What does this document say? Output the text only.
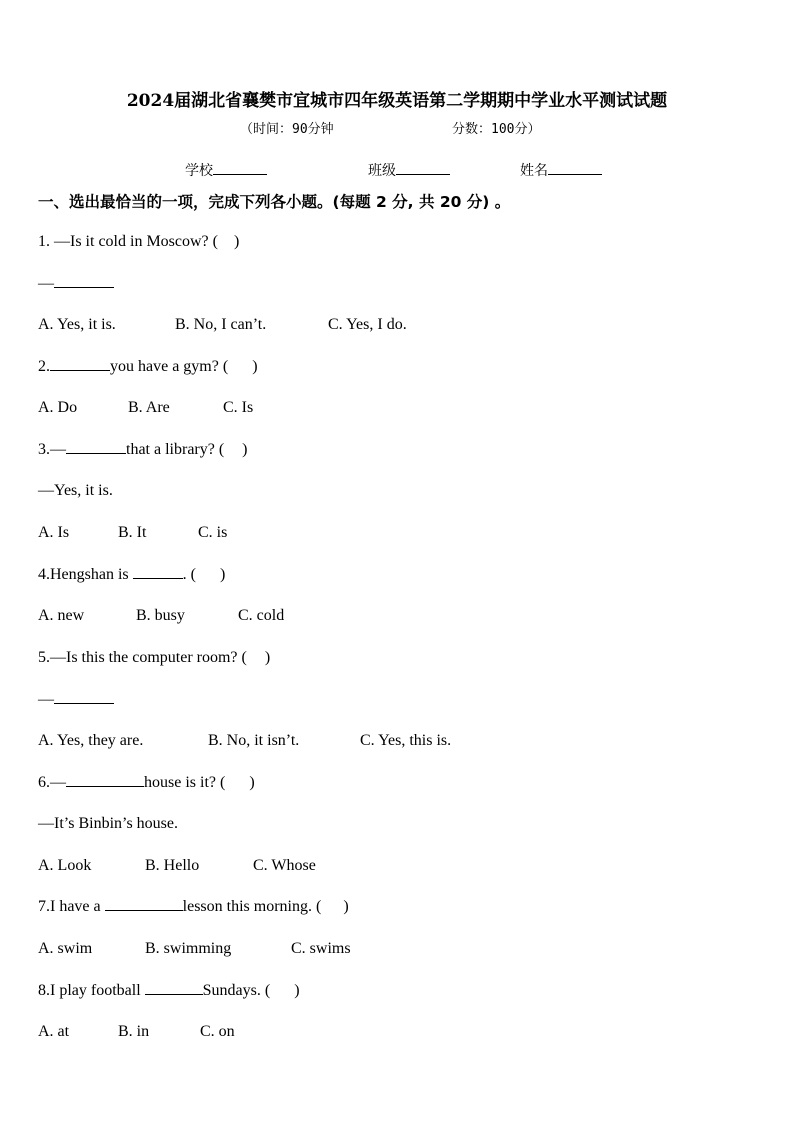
2024届湖北省襄樊市宜城市四年级英语第二学期期中学业水平测试试题
（时间：90分钟	分数：100分）
学校	班级	姓名
一、选出最恰当的一项，完成下列各小题。(每题 2 分, 共 20 分) 。
1. —Is it cold in Moscow? ( )
—
A. Yes, it is.	B. No, I can’t.	C. Yes, I do.
2.	you have a gym? ( )
A. Do	B. Are	C. Is
3.—	that a library? ( )
—Yes, it is.
A. Is	B. It	C. is
4.Hengshan is	. ( )
A. new	B. busy	C. cold
5.—Is this the computer room? ( )
—
A. Yes, they are.	B. No, it isn’t.	C. Yes, this is.
6.—	house is it? ( )
—It’s Binbin’s house.
A. Look	B. Hello	C. Whose
7.I have a	lesson this morning. ( )
A. swim	B. swimming	C. swims
8.I play football	Sundays. ( )
A. at	B. in	C. on
